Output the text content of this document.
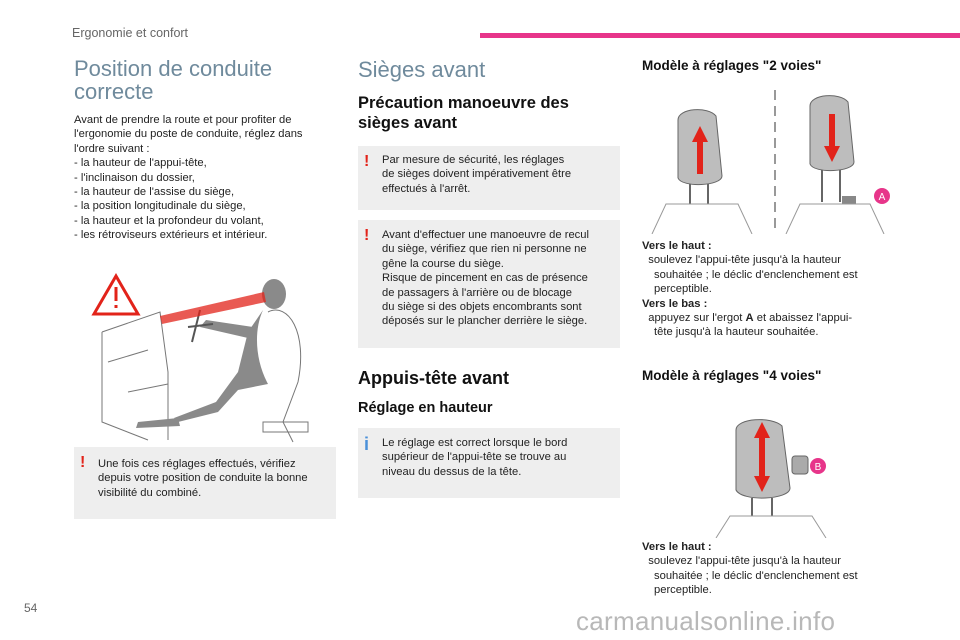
Ergonomie et confort
Position de conduite
correcte
Avant de prendre la route et pour profiter de
l'ergonomie du poste de conduite, réglez dans
l'ordre suivant :
- la hauteur de l'appui-tête,
- l'inclinaison du dossier,
- la hauteur de l'assise du siège,
- la position longitudinale du siège,
- la hauteur et la profondeur du volant,
- les rétroviseurs extérieurs et intérieur.
! Une fois ces réglages effectués, vérifiez
depuis votre position de conduite la bonne
visibilité du combiné.
Sièges avant
Précaution manoeuvre des
sièges avant
! Par mesure de sécurité, les réglages
de sièges doivent impérativement être
effectués à l'arrêt.
! Avant d'effectuer une manoeuvre de recul
du siège, vérifiez que rien ni personne ne
gêne la course du siège.
Risque de pincement en cas de présence
de passagers à l'arrière ou de blocage
du siège si des objets encombrants sont
déposés sur le plancher derrière le siège.
Appuis-tête avant
Réglage en hauteur
i Le réglage est correct lorsque le bord
supérieur de l'appui-tête se trouve au
niveau du dessus de la tête.
Modèle à réglages "2 voies"
A
Vers le haut :
soulevez l'appui-tête jusqu'à la hauteur
souhaitée ; le déclic d'enclenchement est
perceptible.
Vers le bas :
appuyez sur l'ergot A et abaissez l'appui-
tête jusqu'à la hauteur souhaitée.
Modèle à réglages "4 voies"
B
Vers le haut :
soulevez l'appui-tête jusqu'à la hauteur
souhaitée ; le déclic d'enclenchement est
perceptible.
54	carmanualsonline.info
